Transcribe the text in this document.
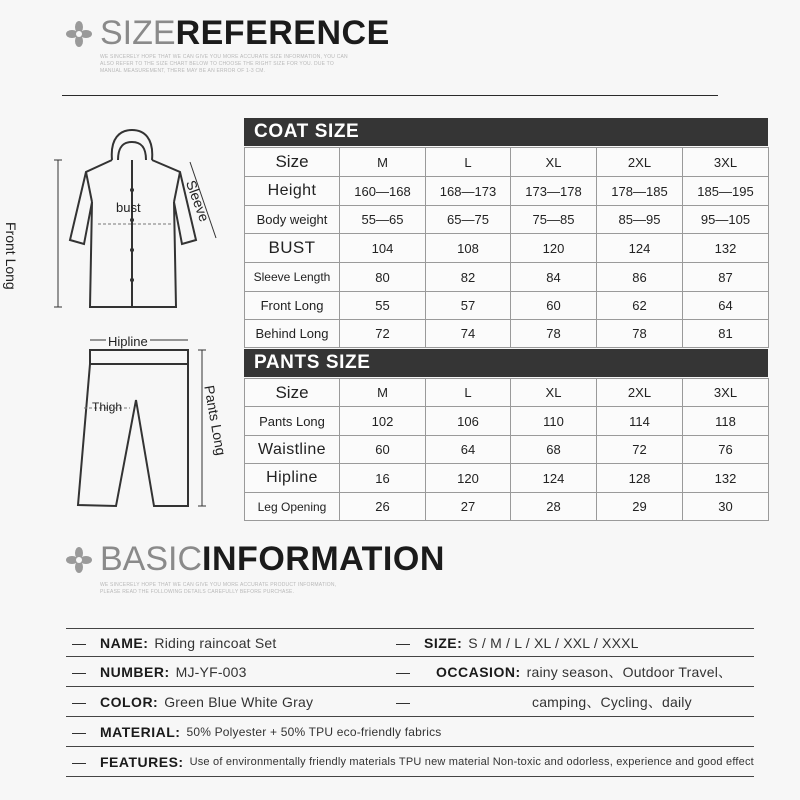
SIZE REFERENCE
WE SINCERELY HOPE THAT WE CAN GIVE YOU MORE ACCURATE SIZE INFORMATION, YOU CAN
ALSO REFER TO THE SIZE CHART BELOW TO CHOOSE THE RIGHT SIZE FOR YOU. DUE TO
MANUAL MEASUREMENT, THERE MAY BE AN ERROR OF 1-3 CM.
Front Long
Sleeve
bust
Hipline
Thigh	Pants Long
COAT SIZE
Size	M	L	XL	2XL	3XL
Height	160—168	168—173	173—178	178—185	185—195
Body weight	55—65	65—75	75—85	85—95	95—105
BUST	104	108	120	124	132
Sleeve Length	80	82	84	86	87
Front Long	55	57	60	62	64
Behind Long	72	74	78	78	81
PANTS SIZE
Size	M	L	XL	2XL	3XL
Pants Long	102	106	110	114	118
Waistline	60	64	68	72	76
Hipline	16	120	124	128	132
Leg Opening	26	27	28	29	30
BASIC INFORMATION
WE SINCERELY HOPE THAT WE CAN GIVE YOU MORE ACCURATE PRODUCT INFORMATION,
PLEASE READ THE FOLLOWING DETAILS CAREFULLY BEFORE PURCHASE.
— NAME: Riding raincoat Set	— SIZE: S / M / L / XL / XXL / XXXL
— NUMBER: MJ-YF-003	— OCCASION: rainy season、Outdoor Travel、
— COLOR: Green Blue White Gray	—	camping、Cycling、daily
— MATERIAL: 50% Polyester + 50% TPU eco-friendly fabrics
— FEATURES: Use of environmentally friendly materials TPU new material Non-toxic and odorless, experience and good effect
